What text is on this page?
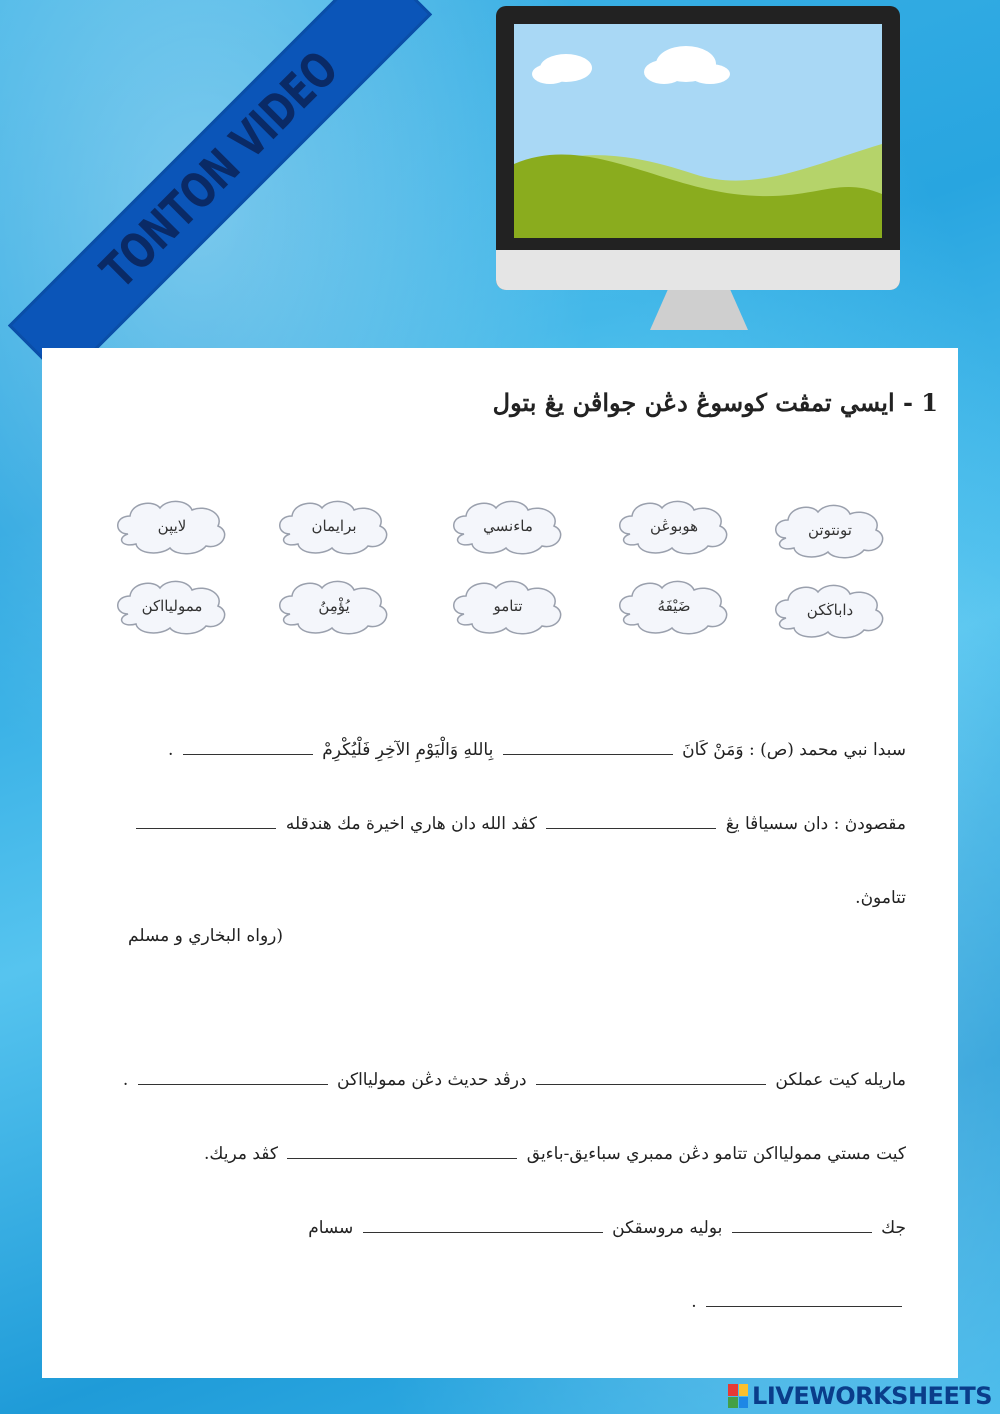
TONTON VIDEO
1 - ايسي تمڤت كوسوڠ دڠن جواڤن يڠ بتول
تونتوتن
هوبوڠن
ماءنسي
برايمان
لايڽن
داباڬكن
ضَيْفَهُ
تتامو
يُؤْمِنُ
مموليااكن
سبدا نبي محمد (ص) : وَمَنْ كَانَ  بِاللهِ وَالْيَوْمِ الآخِرِ فَلْيُكْرِمْ  .
مقصودڽ : دان سسياڤا يڠ  كڤد الله دان هاري اخيرة مك هندقله
تتاموڽ.
(رواه البخاري و مسلم
ماريله كيت عملكن  درڤد حديث دڠن مموليااكن  .
كيت مستي مموليااكن تتامو دڠن ممبري سباءيق-باءيق  كڤد مريك.
جك  بوليه مروسقكن  سسام
.
LIVEWORKSHEETS
